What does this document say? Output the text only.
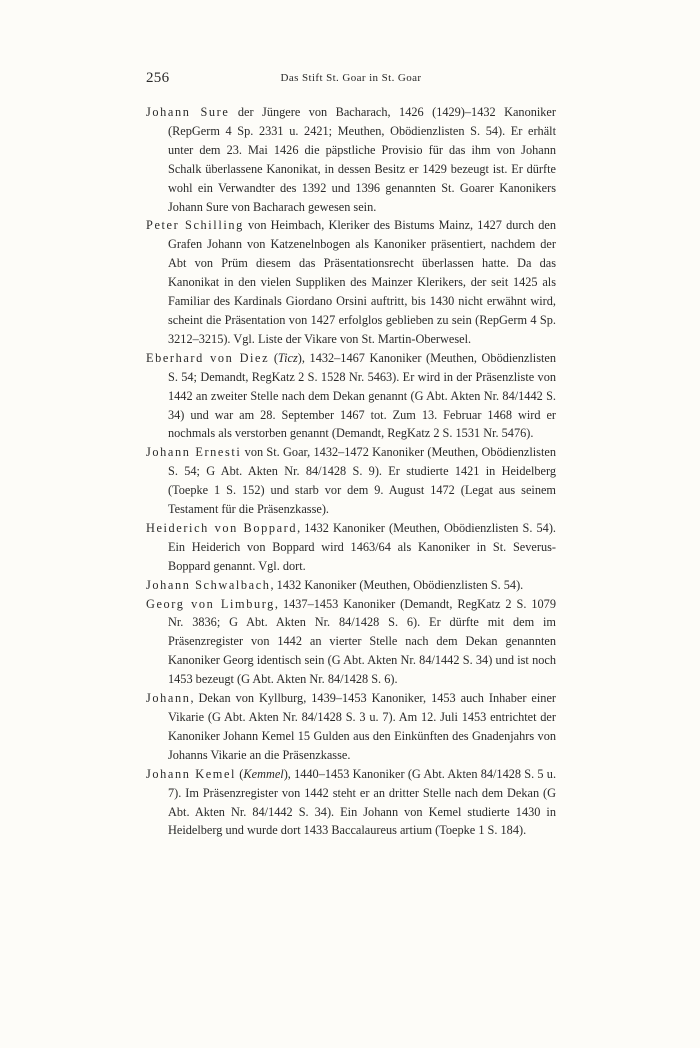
256	Das Stift St. Goar in St. Goar

Johann Sure der Jüngere von Bacharach, 1426 (1429)–1432 Kanoniker (RepGerm 4 Sp. 2331 u. 2421; Meuthen, Obödienzlisten S. 54). Er erhält unter dem 23. Mai 1426 die päpstliche Provisio für das ihm von Johann Schalk überlassene Kanonikat, in dessen Besitz er 1429 bezeugt ist. Er dürfte wohl ein Verwandter des 1392 und 1396 genannten St. Goarer Kanonikers Johann Sure von Bacharach gewesen sein.

Peter Schilling von Heimbach, Kleriker des Bistums Mainz, 1427 durch den Grafen Johann von Katzenelnbogen als Kanoniker präsentiert, nachdem der Abt von Prüm diesem das Präsentationsrecht überlassen hatte. Da das Kanonikat in den vielen Suppliken des Mainzer Klerikers, der seit 1425 als Familiar des Kardinals Giordano Orsini auftritt, bis 1430 nicht erwähnt wird, scheint die Präsentation von 1427 erfolglos geblieben zu sein (RepGerm 4 Sp. 3212–3215). Vgl. Liste der Vikare von St. Martin-Oberwesel.

Eberhard von Diez (Ticz), 1432–1467 Kanoniker (Meuthen, Obödienzlisten S. 54; Demandt, RegKatz 2 S. 1528 Nr. 5463). Er wird in der Präsenzliste von 1442 an zweiter Stelle nach dem Dekan genannt (G Abt. Akten Nr. 84/1442 S. 34) und war am 28. September 1467 tot. Zum 13. Februar 1468 wird er nochmals als verstorben genannt (Demandt, RegKatz 2 S. 1531 Nr. 5476).

Johann Ernesti von St. Goar, 1432–1472 Kanoniker (Meuthen, Obödienzlisten S. 54; G Abt. Akten Nr. 84/1428 S. 9). Er studierte 1421 in Heidelberg (Toepke 1 S. 152) und starb vor dem 9. August 1472 (Legat aus seinem Testament für die Präsenzkasse).

Heiderich von Boppard, 1432 Kanoniker (Meuthen, Obödienzlisten S. 54). Ein Heiderich von Boppard wird 1463/64 als Kanoniker in St. Severus-Boppard genannt. Vgl. dort.

Johann Schwalbach, 1432 Kanoniker (Meuthen, Obödienzlisten S. 54).

Georg von Limburg, 1437–1453 Kanoniker (Demandt, RegKatz 2 S. 1079 Nr. 3836; G Abt. Akten Nr. 84/1428 S. 6). Er dürfte mit dem im Präsenzregister von 1442 an vierter Stelle nach dem Dekan genannten Kanoniker Georg identisch sein (G Abt. Akten Nr. 84/1442 S. 34) und ist noch 1453 bezeugt (G Abt. Akten Nr. 84/1428 S. 6).

Johann, Dekan von Kyllburg, 1439–1453 Kanoniker, 1453 auch Inhaber einer Vikarie (G Abt. Akten Nr. 84/1428 S. 3 u. 7). Am 12. Juli 1453 entrichtet der Kanoniker Johann Kemel 15 Gulden aus den Einkünften des Gnadenjahrs von Johanns Vikarie an die Präsenzkasse.

Johann Kemel (Kemmel), 1440–1453 Kanoniker (G Abt. Akten 84/1428 S. 5 u. 7). Im Präsenzregister von 1442 steht er an dritter Stelle nach dem Dekan (G Abt. Akten Nr. 84/1442 S. 34). Ein Johann von Kemel studierte 1430 in Heidelberg und wurde dort 1433 Baccalaureus artium (Toepke 1 S. 184).
